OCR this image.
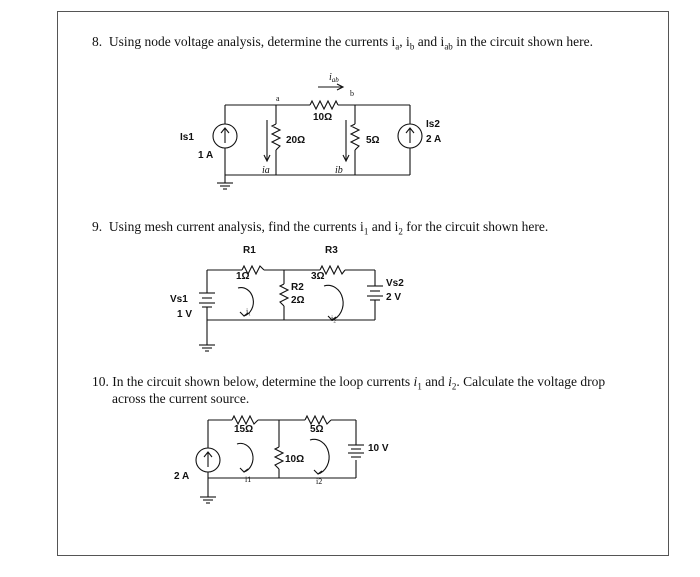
8. Using node voltage analysis, determine the currents $i_a$, $i_b$ and $i_{ab}$ in the circuit shown here.
9. Using mesh current analysis, find the currents $i_1$ and $i_2$ for the circuit shown here.
10. In the circuit shown below, determine the loop currents $i_1$ and $i_2$. Calculate the voltage drop
across the current source.
$i_{ab}$
a
b
10Ω
20Ω	5Ω
Is1
1 A
Is2
2 A
ia	ib
R1
1Ω
R3
3Ω
R2
2Ω
Vs1
1 V
Vs2
2 V
i₁
i₂
15Ω	5Ω
10Ω
2 A
10 V
i1	i2
